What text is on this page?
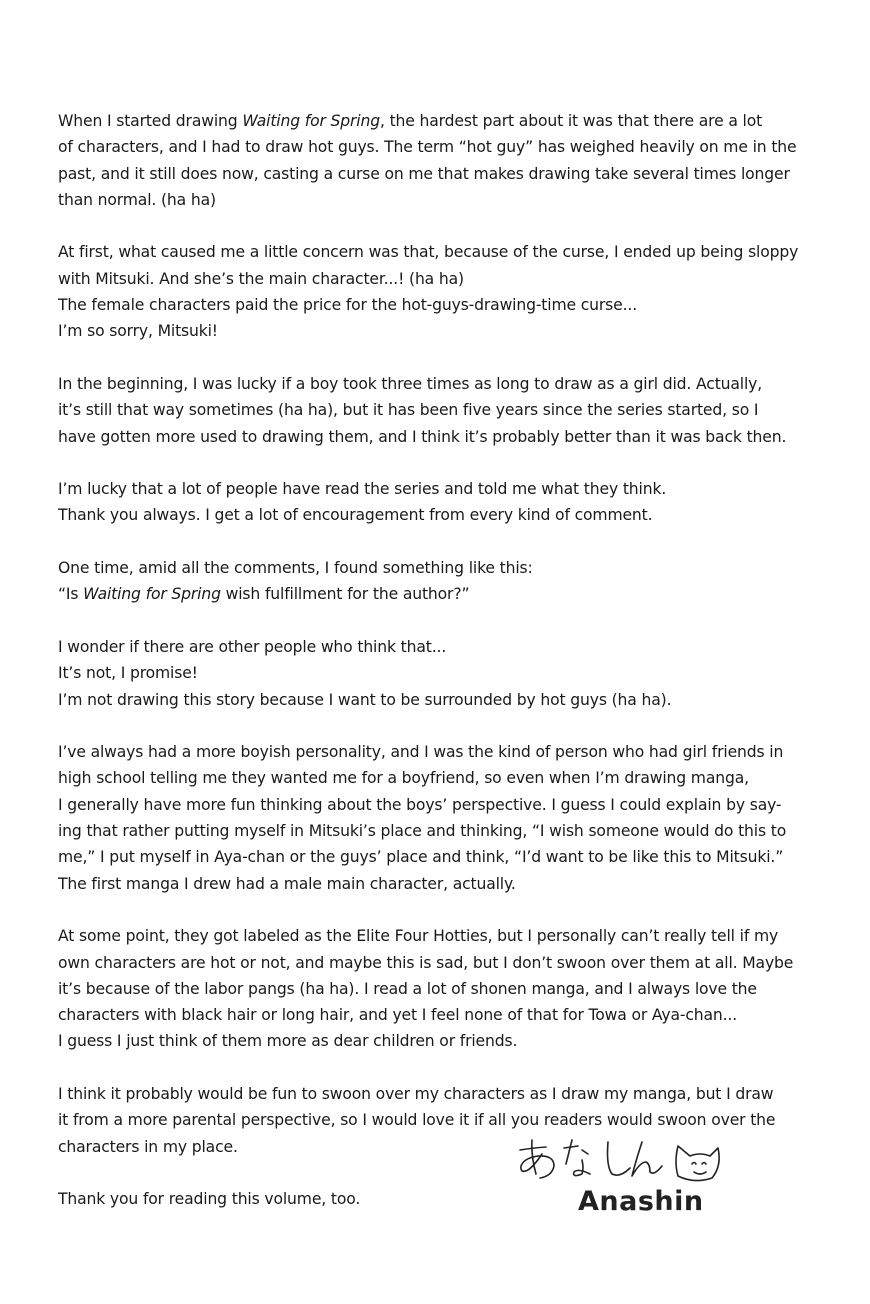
When I started drawing Waiting for Spring, the hardest part about it was that there are a lot
of characters, and I had to draw hot guys. The term “hot guy” has weighed heavily on me in the
past, and it still does now, casting a curse on me that makes drawing take several times longer
than normal. (ha ha)

At first, what caused me a little concern was that, because of the curse, I ended up being sloppy
with Mitsuki. And she’s the main character...! (ha ha)
The female characters paid the price for the hot-guys-drawing-time curse...
I’m so sorry, Mitsuki!

In the beginning, I was lucky if a boy took three times as long to draw as a girl did. Actually,
it’s still that way sometimes (ha ha), but it has been five years since the series started, so I
have gotten more used to drawing them, and I think it’s probably better than it was back then.

I’m lucky that a lot of people have read the series and told me what they think.
Thank you always. I get a lot of encouragement from every kind of comment.

One time, amid all the comments, I found something like this:
“Is Waiting for Spring wish fulfillment for the author?”

I wonder if there are other people who think that...
It’s not, I promise!
I’m not drawing this story because I want to be surrounded by hot guys (ha ha).

I’ve always had a more boyish personality, and I was the kind of person who had girl friends in
high school telling me they wanted me for a boyfriend, so even when I’m drawing manga,
I generally have more fun thinking about the boys’ perspective. I guess I could explain by say-
ing that rather putting myself in Mitsuki’s place and thinking, “I wish someone would do this to
me,” I put myself in Aya-chan or the guys’ place and think, “I’d want to be like this to Mitsuki.”
The first manga I drew had a male main character, actually.

At some point, they got labeled as the Elite Four Hotties, but I personally can’t really tell if my
own characters are hot or not, and maybe this is sad, but I don’t swoon over them at all. Maybe
it’s because of the labor pangs (ha ha). I read a lot of shonen manga, and I always love the
characters with black hair or long hair, and yet I feel none of that for Towa or Aya-chan...
I guess I just think of them more as dear children or friends.

I think it probably would be fun to swoon over my characters as I draw my manga, but I draw
it from a more parental perspective, so I would love it if all you readers would swoon over the
characters in my place.

Thank you for reading this volume, too.	Anashin
